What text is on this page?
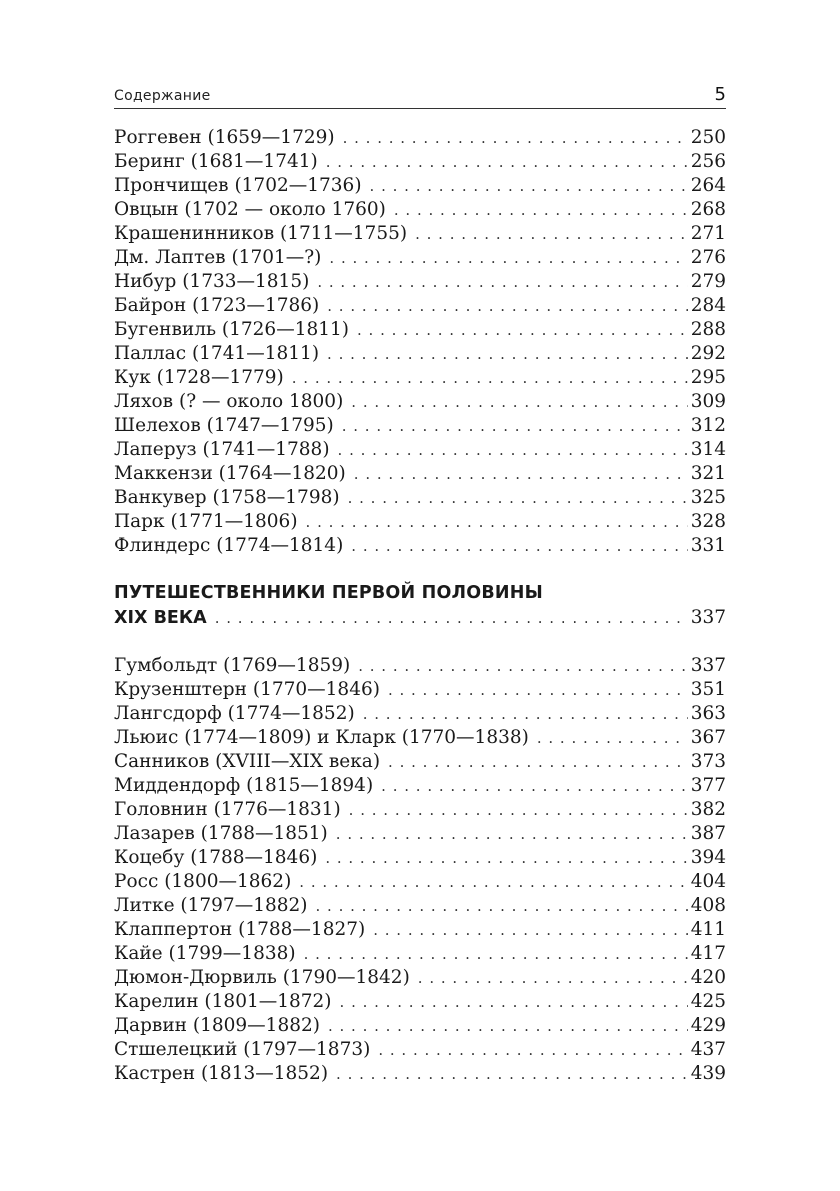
Содержание	5
Роггевен (1659—1729) . . .	250
Беринг (1681—1741) . . .	256
Прончищев (1702—1736) . . .	264
Овцын (1702 — около 1760) . . .	268
Крашенинников (1711—1755) . . .	271
Дм. Лаптев (1701—?) . . .	276
Нибур (1733—1815) . . .	279
Байрон (1723—1786) . . .	284
Бугенвиль (1726—1811) . . .	288
Паллас (1741—1811) . . .	292
Кук (1728—1779) . . .	295
Ляхов (? — около 1800) . . .	309
Шелехов (1747—1795) . . .	312
Лаперуз (1741—1788) . . .	314
Маккензи (1764—1820) . . .	321
Ванкувер (1758—1798) . . .	325
Парк (1771—1806) . . .	328
Флиндерс (1774—1814) . . .	331
ПУТЕШЕСТВЕННИКИ ПЕРВОЙ ПОЛОВИНЫ
XIX ВЕКА . . .	337
Гумбольдт (1769—1859) . . .	337
Крузенштерн (1770—1846) . . .	351
Лангсдорф (1774—1852) . . .	363
Льюис (1774—1809) и Кларк (1770—1838) . . .	367
Санников (XVIII—XIX века) . . .	373
Миддендорф (1815—1894) . . .	377
Головнин (1776—1831) . . .	382
Лазарев (1788—1851) . . .	387
Коцебу (1788—1846) . . .	394
Росс (1800—1862) . . .	404
Литке (1797—1882) . . .	408
Клаппертон (1788—1827) . . .	411
Кайе (1799—1838) . . .	417
Дюмон-Дюрвиль (1790—1842) . . .	420
Карелин (1801—1872) . . .	425
Дарвин (1809—1882) . . .	429
Стшелецкий (1797—1873) . . .	437
Кастрен (1813—1852) . . .	439
